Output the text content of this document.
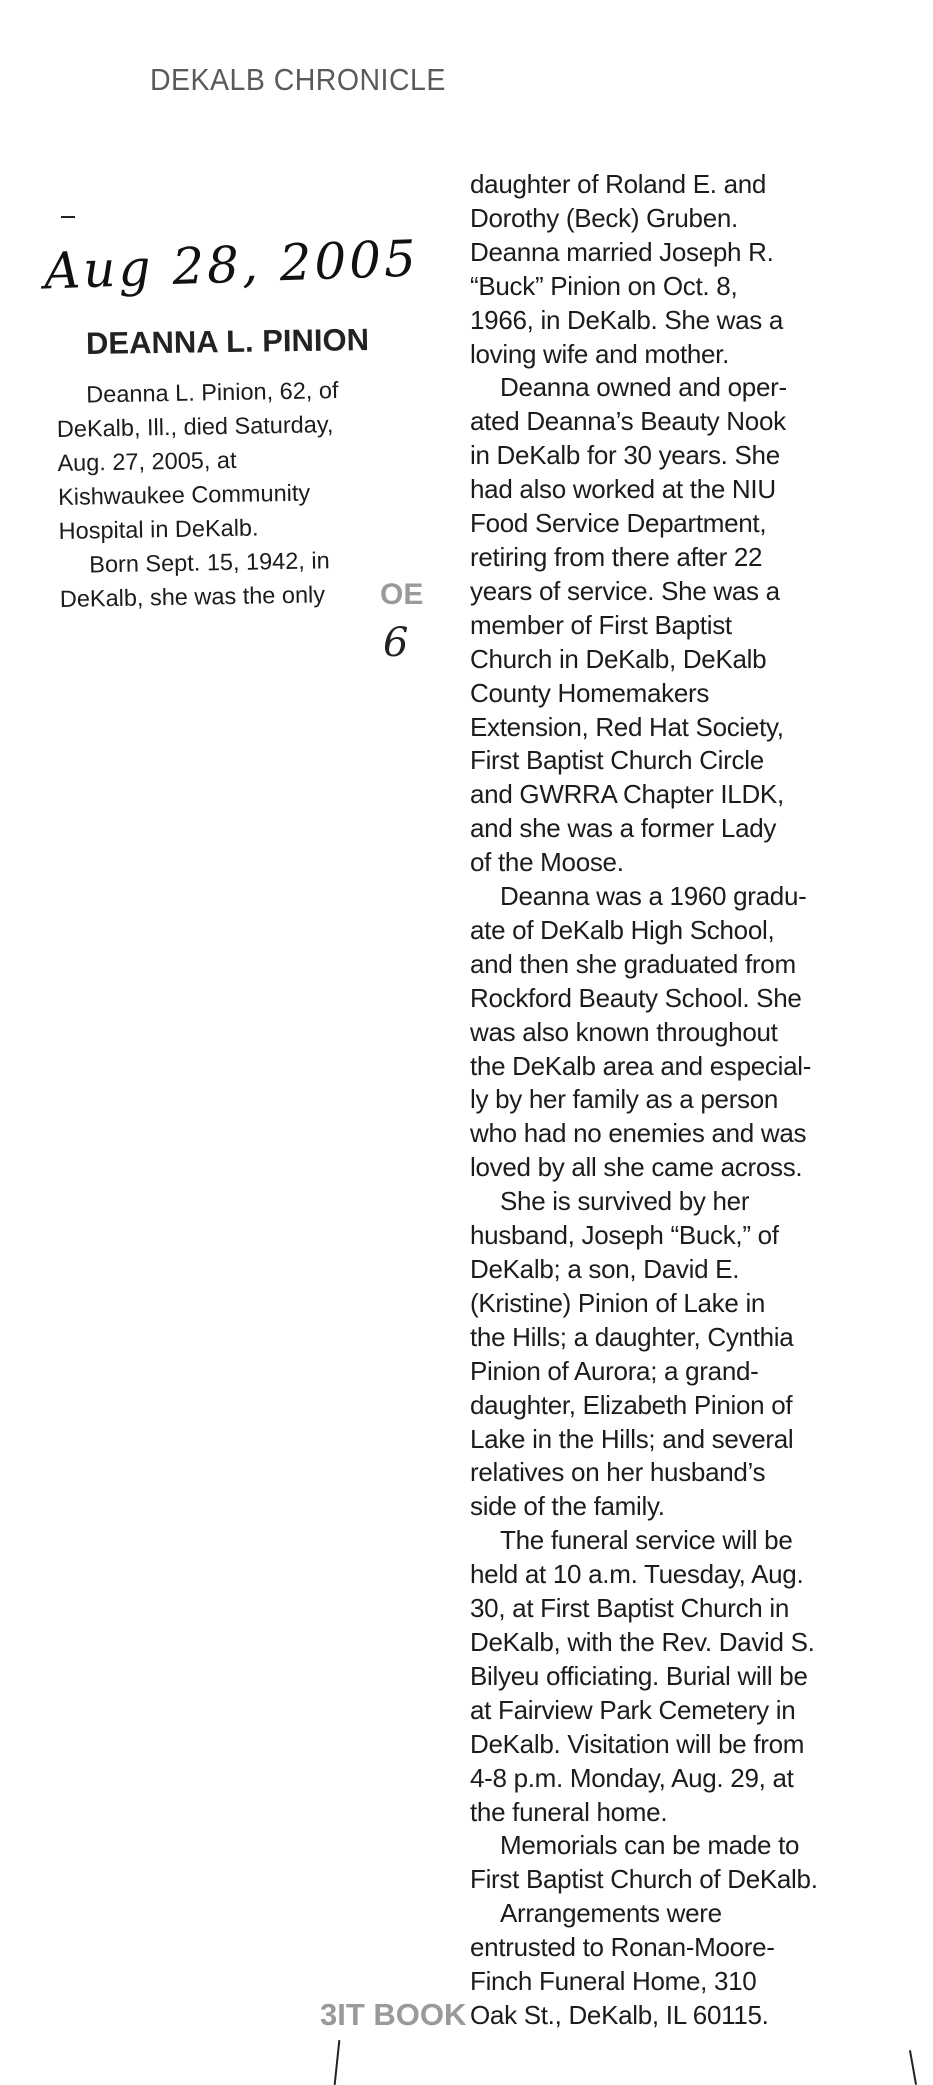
DEKALB CHRONICLE
Aug 28, 2005
DEANNA L. PINION
Deanna L. Pinion, 62, of
DeKalb, Ill., died Saturday,
Aug. 27, 2005, at
Kishwaukee Community
Hospital in DeKalb.
Born Sept. 15, 1942, in
DeKalb, she was the only	OE
6
daughter of Roland E. and
Dorothy (Beck) Gruben.
Deanna married Joseph R.
“Buck” Pinion on Oct. 8,
1966, in DeKalb. She was a
loving wife and mother.
Deanna owned and oper-
ated Deanna’s Beauty Nook
in DeKalb for 30 years. She
had also worked at the NIU
Food Service Department,
retiring from there after 22
years of service. She was a
member of First Baptist
Church in DeKalb, DeKalb
County Homemakers
Extension, Red Hat Society,
First Baptist Church Circle
and GWRRA Chapter ILDK,
and she was a former Lady
of the Moose.
Deanna was a 1960 gradu-
ate of DeKalb High School,
and then she graduated from
Rockford Beauty School. She
was also known throughout
the DeKalb area and especial-
ly by her family as a person
who had no enemies and was
loved by all she came across.
She is survived by her
husband, Joseph “Buck,” of
DeKalb; a son, David E.
(Kristine) Pinion of Lake in
the Hills; a daughter, Cynthia
Pinion of Aurora; a grand-
daughter, Elizabeth Pinion of
Lake in the Hills; and several
relatives on her husband’s
side of the family.
The funeral service will be
held at 10 a.m. Tuesday, Aug.
30, at First Baptist Church in
DeKalb, with the Rev. David S.
Bilyeu officiating. Burial will be
at Fairview Park Cemetery in
DeKalb. Visitation will be from
4-8 p.m. Monday, Aug. 29, at
the funeral home.
Memorials can be made to
First Baptist Church of DeKalb.
Arrangements were
entrusted to Ronan-Moore-
Finch Funeral Home, 310
Oak St., DeKalb, IL 60115.
3IT BOOK
